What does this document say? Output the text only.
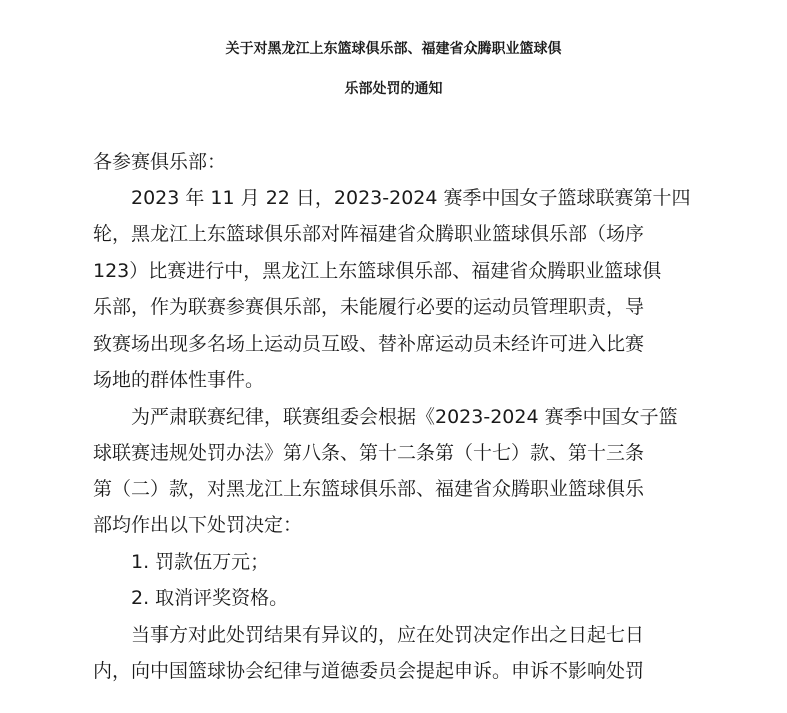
关于对黑龙江上东篮球俱乐部、福建省众腾职业篮球俱
乐部处罚的通知

各参赛俱乐部：

2023 年 11 月 22 日，2023-2024 赛季中国女子篮球联赛第十四

轮，黑龙江上东篮球俱乐部对阵福建省众腾职业篮球俱乐部（场序

123）比赛进行中，黑龙江上东篮球俱乐部、福建省众腾职业篮球俱

乐部，作为联赛参赛俱乐部，未能履行必要的运动员管理职责，导

致赛场出现多名场上运动员互殴、替补席运动员未经许可进入比赛

场地的群体性事件。

为严肃联赛纪律，联赛组委会根据《2023-2024 赛季中国女子篮

球联赛违规处罚办法》第八条、第十二条第（十七）款、第十三条

第（二）款，对黑龙江上东篮球俱乐部、福建省众腾职业篮球俱乐

部均作出以下处罚决定：

1. 罚款伍万元；

2. 取消评奖资格。

当事方对此处罚结果有异议的，应在处罚决定作出之日起七日

内，向中国篮球协会纪律与道德委员会提起申诉。申诉不影响处罚
